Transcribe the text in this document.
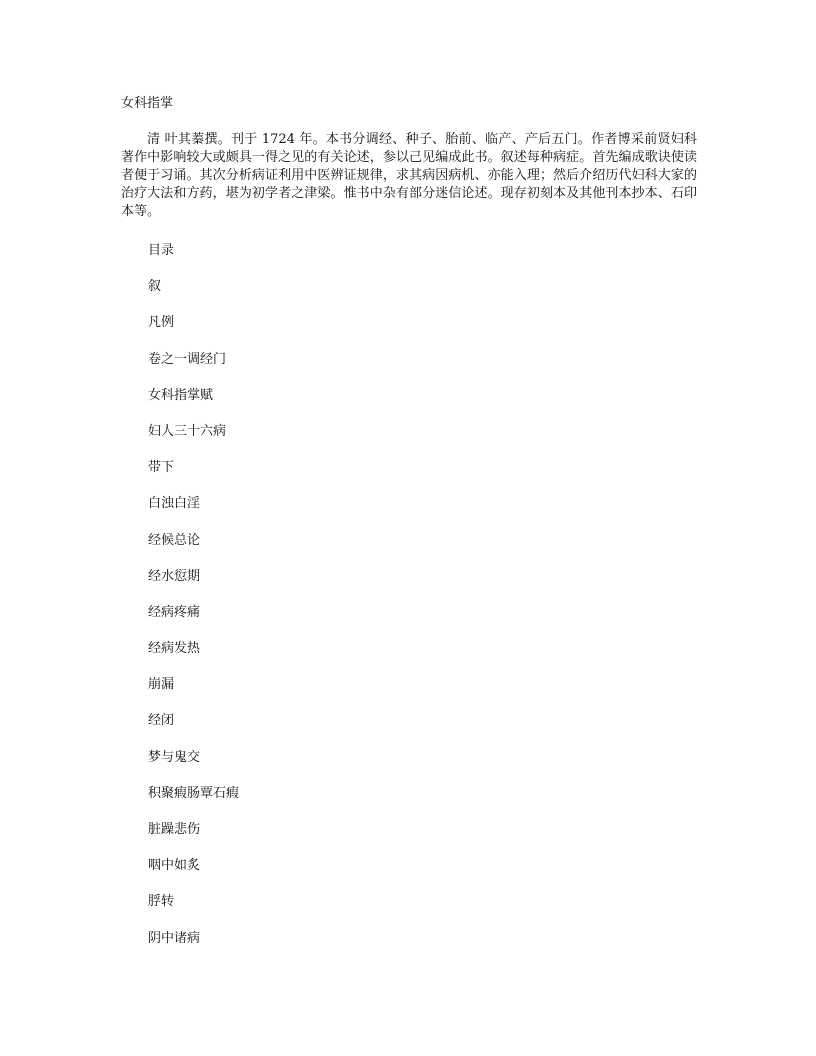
女科指掌

清 叶其蓁撰。刊于 1724 年。本书分调经、种子、胎前、临产、产后五门。作者博采前贤妇科著作中影响较大或颇具一得之见的有关论述，参以己见编成此书。叙述每种病症。首先编成歌诀使读者便于习诵。其次分析病证利用中医辨证规律，求其病因病机、亦能入理；然后介绍历代妇科大家的治疗大法和方药，堪为初学者之津梁。惟书中杂有部分迷信论述。现存初刻本及其他刊本抄本、石印本等。

目录
叙
凡例
卷之一调经门
女科指掌赋
妇人三十六病
带下
白浊白淫
经候总论
经水愆期
经病疼痛
经病发热
崩漏
经闭
梦与鬼交
积聚瘕肠覃石瘕
脏躁悲伤
咽中如炙
脬转
阴中诸病
